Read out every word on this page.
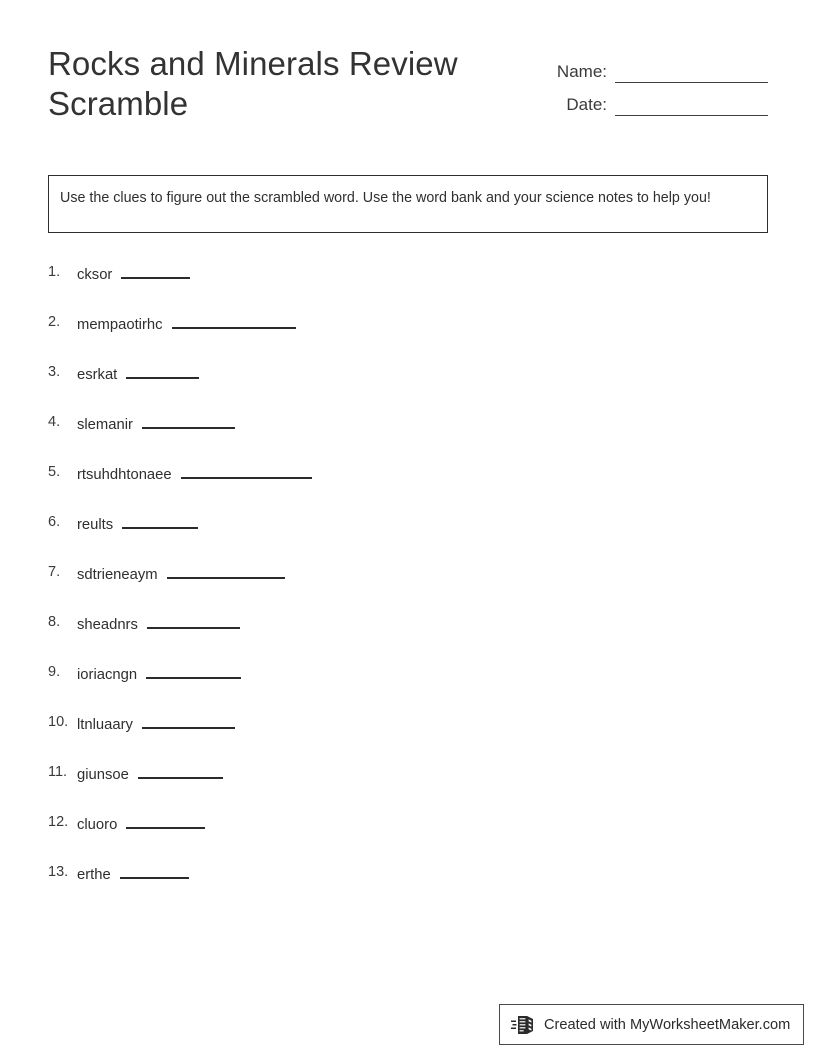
Rocks and Minerals Review Scramble
Name:
Date:
Use the clues to figure out the scrambled word. Use the word bank and your science notes to help you!
1.	cksor
2.	mempaotirhc
3.	esrkat
4.	slemanir
5.	rtsuhdhtonaee
6.	reults
7.	sdtrieneaym
8.	sheadnrs
9.	ioriacngn
10. ltnluaary
11. giunsoe
12. cluoro
13. erthe
Created with MyWorksheetMaker.com
